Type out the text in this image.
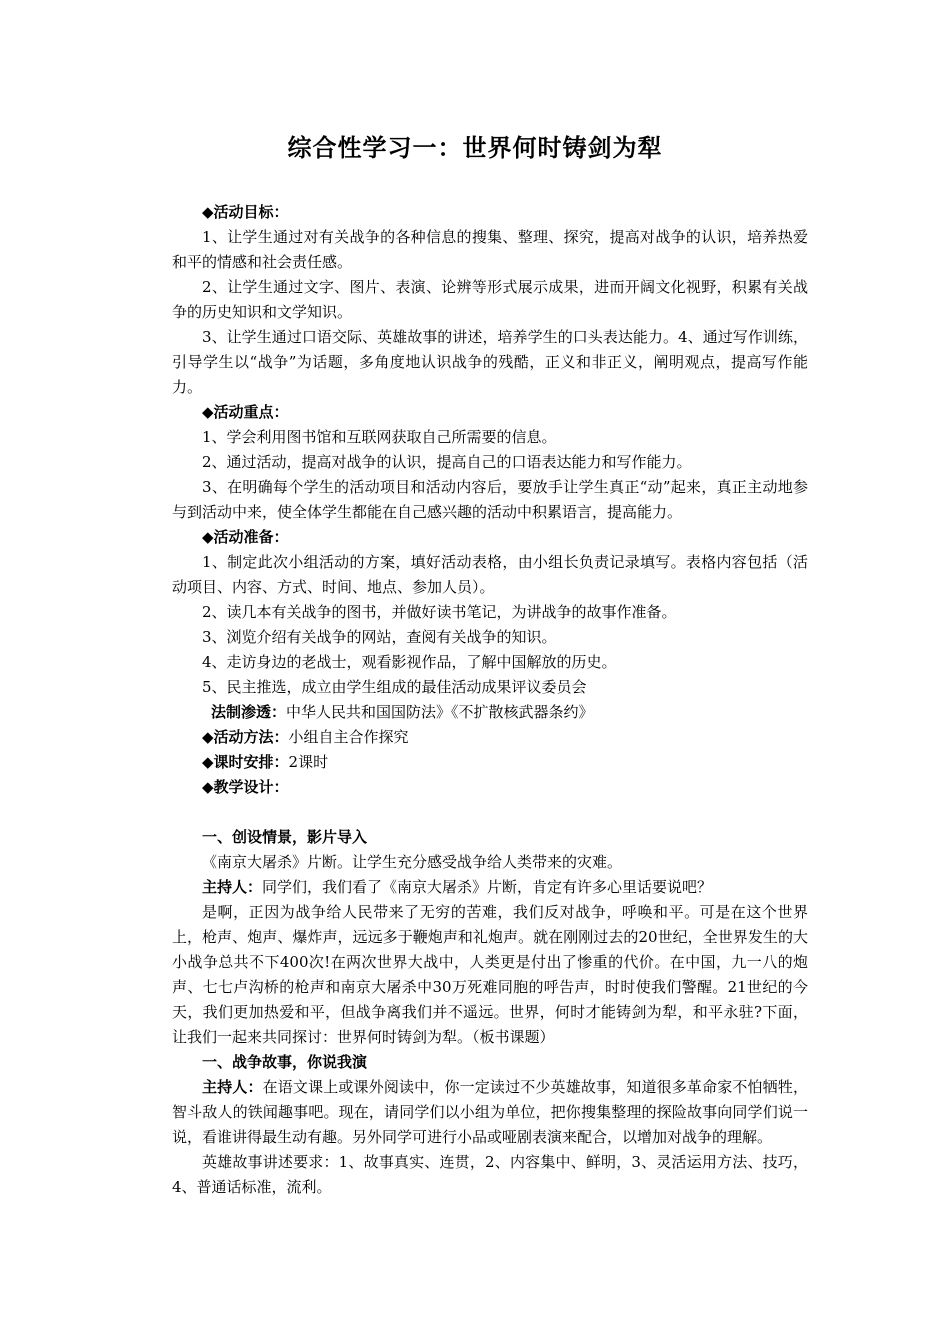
综合性学习一：世界何时铸剑为犁

◆活动目标：

1、让学生通过对有关战争的各种信息的搜集、整理、探究，提高对战争的认识，培养热爱和平的情感和社会责任感。

2、让学生通过文字、图片、表演、论辨等形式展示成果，进而开阔文化视野，积累有关战争的历史知识和文学知识。

3、让学生通过口语交际、英雄故事的讲述，培养学生的口头表达能力。4、通过写作训练，引导学生以“战争”为话题，多角度地认识战争的残酷，正义和非正义，阐明观点，提高写作能力。

◆活动重点：

1、学会利用图书馆和互联网获取自己所需要的信息。

2、通过活动，提高对战争的认识，提高自己的口语表达能力和写作能力。

3、在明确每个学生的活动项目和活动内容后，要放手让学生真正“动”起来，真正主动地参与到活动中来，使全体学生都能在自己感兴趣的活动中积累语言，提高能力。

◆活动准备：

1、制定此次小组活动的方案，填好活动表格，由小组长负责记录填写。表格内容包括（活动项目、内容、方式、时间、地点、参加人员）。

2、读几本有关战争的图书，并做好读书笔记，为讲战争的故事作准备。

3、浏览介绍有关战争的网站，查阅有关战争的知识。

4、走访身边的老战士，观看影视作品，了解中国解放的历史。

5、民主推选，成立由学生组成的最佳活动成果评议委员会

法制渗透：中华人民共和国国防法》《不扩散核武器条约》

◆活动方法：小组自主合作探究

◆课时安排：2课时

◆教学设计：

一、创设情景，影片导入

《南京大屠杀》片断。让学生充分感受战争给人类带来的灾难。

主持人：同学们，我们看了《南京大屠杀》片断，肯定有许多心里话要说吧？

是啊，正因为战争给人民带来了无穷的苦难，我们反对战争，呼唤和平。可是在这个世界上，枪声、炮声、爆炸声，远远多于鞭炮声和礼炮声。就在刚刚过去的20世纪，全世界发生的大小战争总共不下400次!在两次世界大战中，人类更是付出了惨重的代价。在中国，九一八的炮声、七七卢沟桥的枪声和南京大屠杀中30万死难同胞的呼告声，时时使我们警醒。21世纪的今天，我们更加热爱和平，但战争离我们并不遥远。世界，何时才能铸剑为犁，和平永驻?下面，让我们一起来共同探讨：世界何时铸剑为犁。（板书课题）

一、战争故事，你说我演

主持人：在语文课上或课外阅读中，你一定读过不少英雄故事，知道很多革命家不怕牺牲，智斗敌人的铁闻趣事吧。现在，请同学们以小组为单位，把你搜集整理的探险故事向同学们说一说，看谁讲得最生动有趣。另外同学可进行小品或哑剧表演来配合，以增加对战争的理解。

英雄故事讲述要求：1、故事真实、连贯，2、内容集中、鲜明，3、灵活运用方法、技巧，4、普通话标准，流利。
